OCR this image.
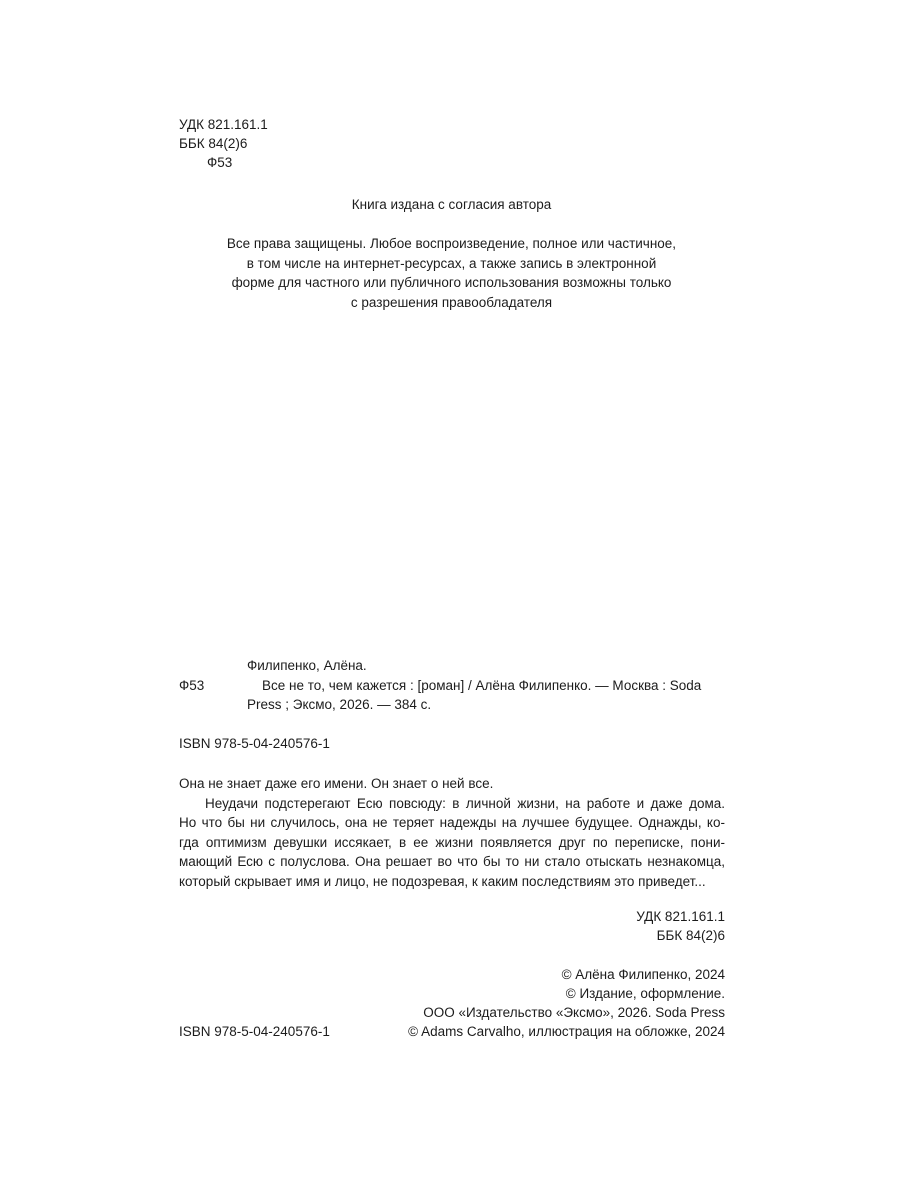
УДК 821.161.1
ББК 84(2)6
Ф53
Книга издана с согласия автора
Все права защищены. Любое воспроизведение, полное или частичное,
в том числе на интернет-ресурсах, а также запись в электронной
форме для частного или публичного использования возможны только
с разрешения правообладателя
Филипенко, Алёна.
Ф53	Все не то, чем кажется : [роман] / Алёна Филипенко. — Москва : Soda
Press ; Эксмо, 2026. — 384 с.
ISBN 978-5-04-240576-1
Она не знает даже его имени. Он знает о ней все.
Неудачи подстерегают Есю повсюду: в личной жизни, на работе и даже дома.
Но что бы ни случилось, она не теряет надежды на лучшее будущее. Однажды, ко-
гда оптимизм девушки иссякает, в ее жизни появляется друг по переписке, пони-
мающий Есю с полуслова. Она решает во что бы то ни стало отыскать незнакомца,
который скрывает имя и лицо, не подозревая, к каким последствиям это приведет...
УДК 821.161.1
ББК 84(2)6
© Алёна Филипенко, 2024
© Издание, оформление.
ООО «Издательство «Эксмо», 2026. Soda Press
© Adams Carvalho, иллюстрация на обложке, 2024
ISBN 978-5-04-240576-1
